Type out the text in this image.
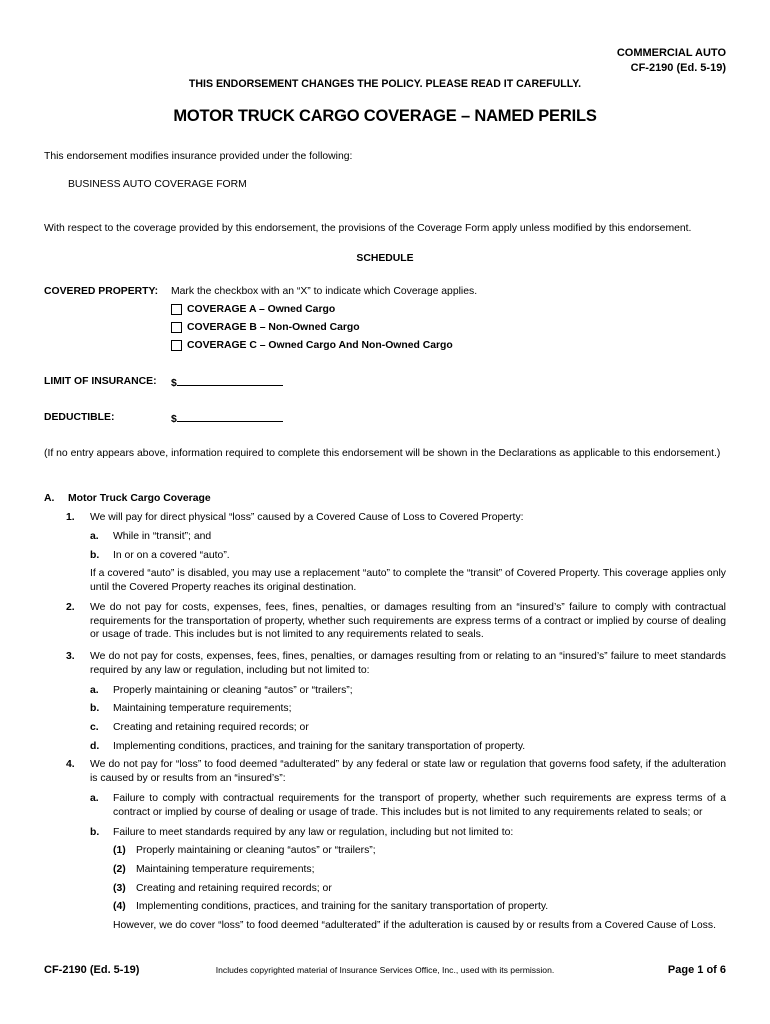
COMMERCIAL AUTO
CF-2190 (Ed. 5-19)
THIS ENDORSEMENT CHANGES THE POLICY. PLEASE READ IT CAREFULLY.
MOTOR TRUCK CARGO COVERAGE – NAMED PERILS
This endorsement modifies insurance provided under the following:
BUSINESS AUTO COVERAGE FORM
With respect to the coverage provided by this endorsement, the provisions of the Coverage Form apply unless modified by this endorsement.
SCHEDULE
COVERED PROPERTY: Mark the checkbox with an “X” to indicate which Coverage applies.
COVERAGE A – Owned Cargo
COVERAGE B – Non-Owned Cargo
COVERAGE C – Owned Cargo And Non-Owned Cargo
LIMIT OF INSURANCE: $
DEDUCTIBLE:	$
(If no entry appears above, information required to complete this endorsement will be shown in the Declarations as applicable to this endorsement.)
A. Motor Truck Cargo Coverage
1. We will pay for direct physical “loss” caused by a Covered Cause of Loss to Covered Property:
a. While in “transit”; and
b. In or on a covered “auto”.
If a covered “auto” is disabled, you may use a replacement “auto” to complete the “transit” of Covered Property. This coverage applies only until the Covered Property reaches its original destination.
2. We do not pay for costs, expenses, fees, fines, penalties, or damages resulting from an “insured’s” failure to comply with contractual requirements for the transportation of property, whether such requirements are express terms of a contract or implied by course of dealing or usage of trade. This includes but is not limited to any requirements related to seals.
3. We do not pay for costs, expenses, fees, fines, penalties, or damages resulting from or relating to an “insured’s” failure to meet standards required by any law or regulation, including but not limited to:
a. Properly maintaining or cleaning “autos” or “trailers”;
b. Maintaining temperature requirements;
c. Creating and retaining required records; or
d. Implementing conditions, practices, and training for the sanitary transportation of property.
4. We do not pay for “loss” to food deemed “adulterated” by any federal or state law or regulation that governs food safety, if the adulteration is caused by or results from an “insured’s”:
a. Failure to comply with contractual requirements for the transport of property, whether such requirements are express terms of a contract or implied by course of dealing or usage of trade. This includes but is not limited to any requirements related to seals; or
b. Failure to meet standards required by any law or regulation, including but not limited to:
(1) Properly maintaining or cleaning “autos” or “trailers”;
(2) Maintaining temperature requirements;
(3) Creating and retaining required records; or
(4) Implementing conditions, practices, and training for the sanitary transportation of property.
However, we do cover “loss” to food deemed “adulterated” if the adulteration is caused by or results from a Covered Cause of Loss.
CF-2190 (Ed. 5-19)	Includes copyrighted material of Insurance Services Office, Inc., used with its permission.	Page 1 of 6
